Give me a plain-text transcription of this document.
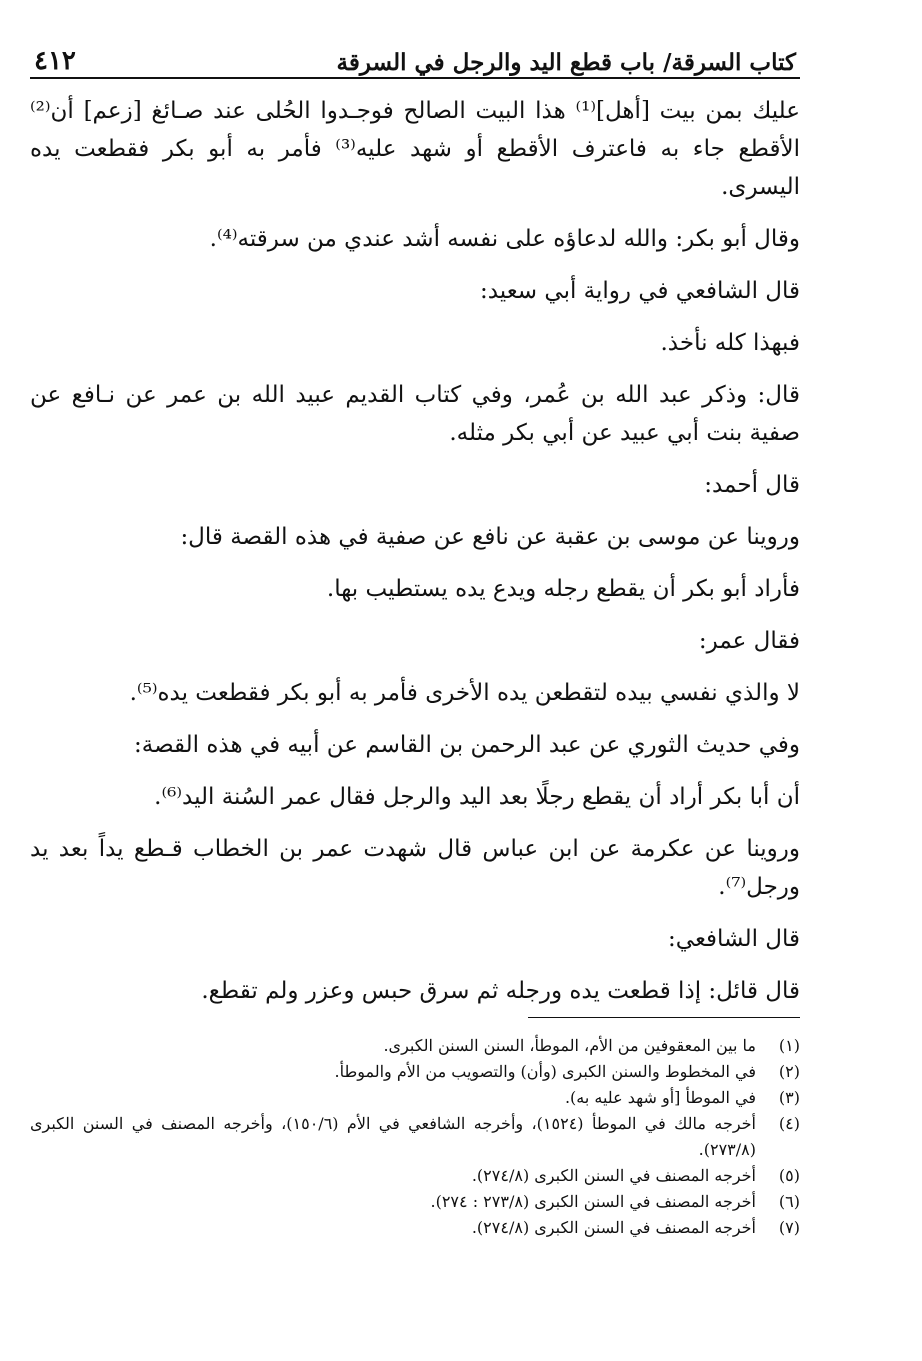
كتاب السرقة/ باب قطع اليد والرجل في السرقة
٤١٢

عليك بمن بيت [أهل]⁽¹⁾ هذا البيت الصالح فوجـدوا الحُلى عند صـائغ [زعم] أن⁽²⁾ الأقطع جاء به فاعترف الأقطع أو شهد عليه⁽³⁾ فأمر به أبو بكر فقطعت يده اليسرى.

وقال أبو بكر: والله لدعاؤه على نفسه أشد عندي من سرقته⁽⁴⁾.

قال الشافعي في رواية أبي سعيد:

فبهذا كله نأخذ.

قال: وذكر عبد الله بن عُمر، وفي كتاب القديم عبيد الله بن عمر عن نـافع عن صفية بنت أبي عبيد عن أبي بكر مثله.

قال أحمد:

وروينا عن موسى بن عقبة عن نافع عن صفية في هذه القصة قال:

فأراد أبو بكر أن يقطع رجله ويدع يده يستطيب بها.

فقال عمر:

لا والذي نفسي بيده لتقطعن يده الأخرى فأمر به أبو بكر فقطعت يده⁽⁵⁾.

وفي حديث الثوري عن عبد الرحمن بن القاسم عن أبيه في هذه القصة:

أن أبا بكر أراد أن يقطع رجلًا بعد اليد والرجل فقال عمر السُنة اليد⁽⁶⁾.

وروينا عن عكرمة عن ابن عباس قال شهدت عمر بن الخطاب قـطع يداً بعد يد ورجل⁽⁷⁾.

قال الشافعي:

قال قائل: إذا قطعت يده ورجله ثم سرق حبس وعزر ولم تقطع.

(١)
ما بين المعقوفين من الأم، الموطأ، السنن السنن الكبرى.
(٢)
في المخطوط والسنن الكبرى (وأن) والتصويب من الأم والموطأ.
(٣)
في الموطأ [أو شهد عليه به).
(٤)
أخرجه مالك في الموطأ (١٥٢٤)، وأخرجه الشافعي في الأم (١٥٠/٦)، وأخرجه المصنف في السنن الكبرى (٢٧٣/٨).
(٥)
أخرجه المصنف في السنن الكبرى (٢٧٤/٨).
(٦)
أخرجه المصنف في السنن الكبرى (٢٧٣/٨ : ٢٧٤).
(٧)
أخرجه المصنف في السنن الكبرى (٢٧٤/٨).
